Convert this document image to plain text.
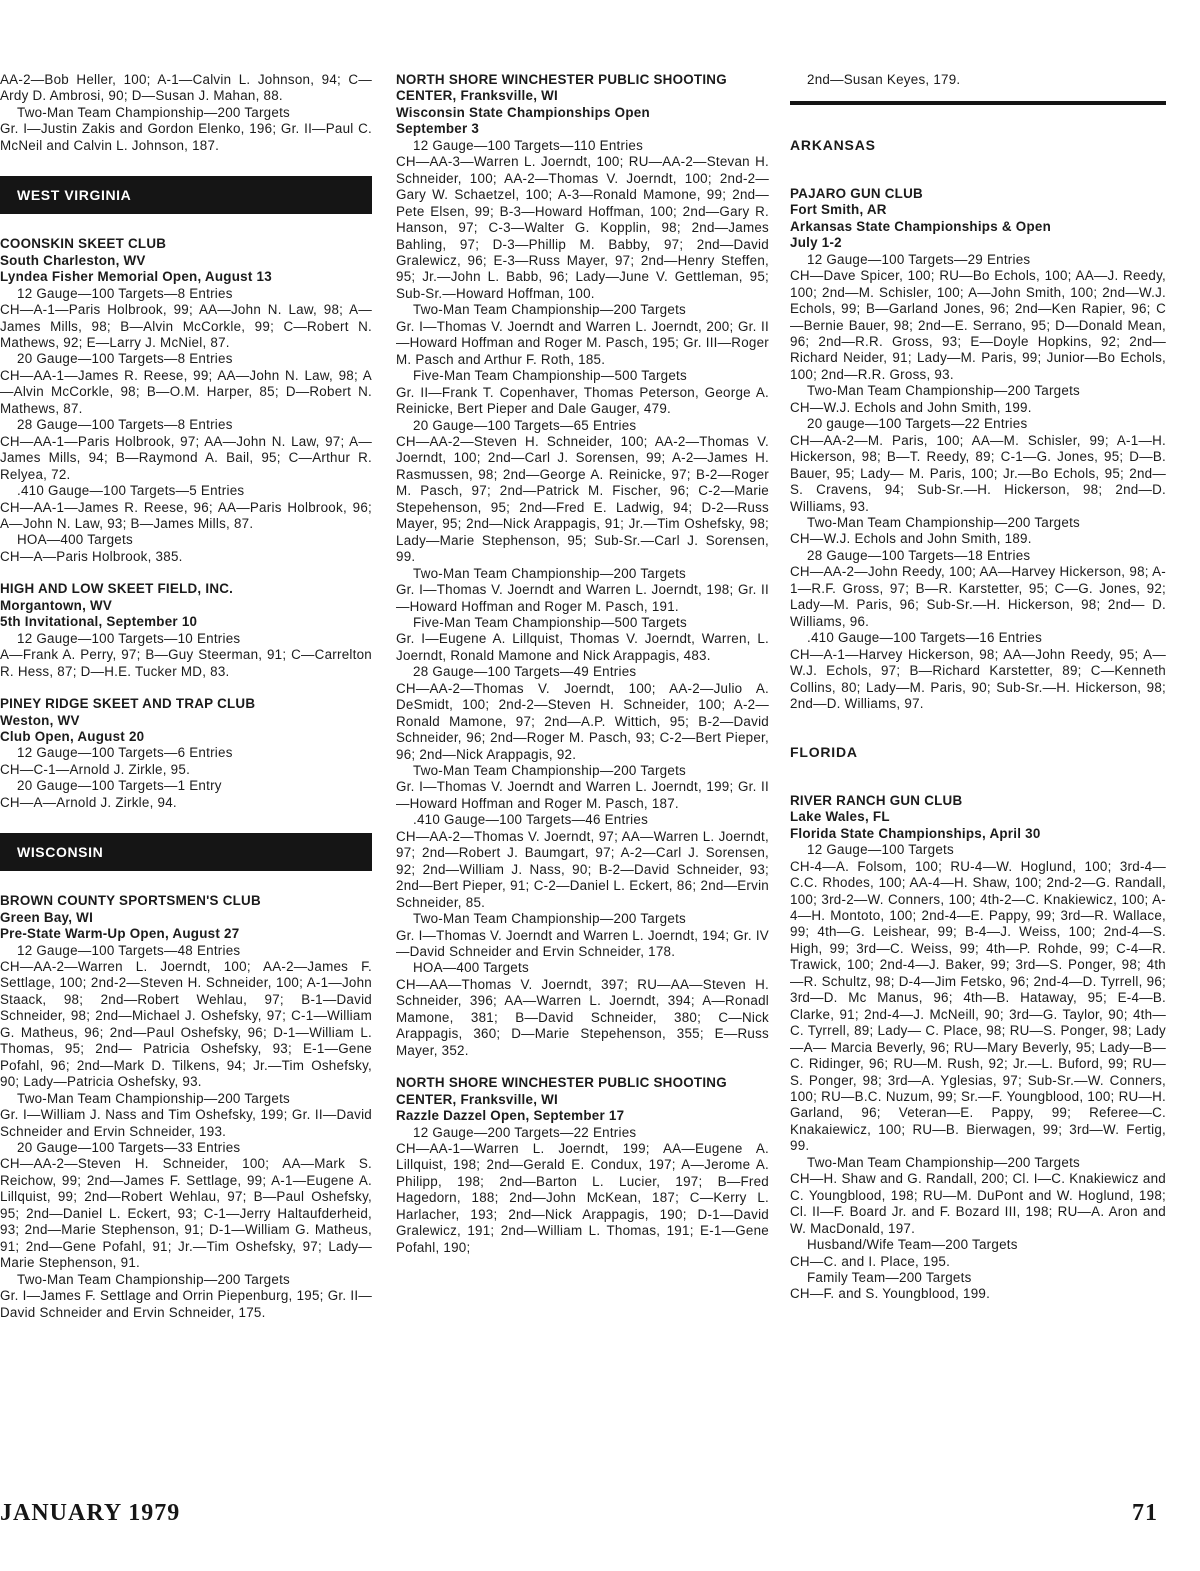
AA-2—Bob Heller, 100; A-1—Calvin L. Johnson, 94; C—Ardy D. Ambrosi, 90; D—Susan J. Mahan, 88.

Two-Man Team Championship—200 Targets

Gr. I—Justin Zakis and Gordon Elenko, 196; Gr. II—Paul C. McNeil and Calvin L. Johnson, 187.

WEST VIRGINIA

COONSKIN SKEET CLUB

South Charleston, WV

Lyndea Fisher Memorial Open, August 13

12 Gauge—100 Targets—8 Entries

CH—A-1—Paris Holbrook, 99; AA—John N. Law, 98; A—James Mills, 98; B—Alvin McCorkle, 99; C—Robert N. Mathews, 92; E—Larry J. McNiel, 87.

20 Gauge—100 Targets—8 Entries

CH—AA-1—James R. Reese, 99; AA—John N. Law, 98; A—Alvin McCorkle, 98; B—O.M. Harper, 85; D—Robert N. Mathews, 87.

28 Gauge—100 Targets—8 Entries

CH—AA-1—Paris Holbrook, 97; AA—John N. Law, 97; A—James Mills, 94; B—Raymond A. Bail, 95; C—Arthur R. Relyea, 72.

.410 Gauge—100 Targets—5 Entries

CH—AA-1—James R. Reese, 96; AA—Paris Holbrook, 96; A—John N. Law, 93; B—James Mills, 87.

HOA—400 Targets

CH—A—Paris Holbrook, 385.

HIGH AND LOW SKEET FIELD, INC.

Morgantown, WV

5th Invitational, September 10

12 Gauge—100 Targets—10 Entries

A—Frank A. Perry, 97; B—Guy Steerman, 91; C—Carrelton R. Hess, 87; D—H.E. Tucker MD, 83.

PINEY RIDGE SKEET AND TRAP CLUB

Weston, WV

Club Open, August 20

12 Gauge—100 Targets—6 Entries

CH—C-1—Arnold J. Zirkle, 95.

20 Gauge—100 Targets—1 Entry

CH—A—Arnold J. Zirkle, 94.

WISCONSIN

BROWN COUNTY SPORTSMEN'S CLUB

Green Bay, WI

Pre-State Warm-Up Open, August 27

12 Gauge—100 Targets—48 Entries

CH—AA-2—Warren L. Joerndt, 100; AA-2—James F. Settlage, 100; 2nd-2—Steven H. Schneider, 100; A-1—John Staack, 98; 2nd—Robert Wehlau, 97; B-1—David Schneider, 98; 2nd—Michael J. Oshefsky, 97; C-1—William G. Matheus, 96; 2nd—Paul Oshefsky, 96; D-1—William L. Thomas, 95; 2nd— Patricia Oshefsky, 93; E-1—Gene Pofahl, 96; 2nd—Mark D. Tilkens, 94; Jr.—Tim Oshefsky, 90; Lady—Patricia Oshefsky, 93.

Two-Man Team Championship—200 Targets

Gr. I—William J. Nass and Tim Oshefsky, 199; Gr. II—David Schneider and Ervin Schneider, 193.

20 Gauge—100 Targets—33 Entries

CH—AA-2—Steven H. Schneider, 100; AA—Mark S. Reichow, 99; 2nd—James F. Settlage, 99; A-1—Eugene A. Lillquist, 99; 2nd—Robert Wehlau, 97; B—Paul Oshefsky, 95; 2nd—Daniel L. Eckert, 93; C-1—Jerry Haltaufderheid, 93; 2nd—Marie Stephenson, 91; D-1—William G. Matheus, 91; 2nd—Gene Pofahl, 91; Jr.—Tim Oshefsky, 97; Lady—Marie Stephenson, 91.

Two-Man Team Championship—200 Targets

Gr. I—James F. Settlage and Orrin Piepenburg, 195; Gr. II—David Schneider and Ervin Schneider, 175.

NORTH SHORE WINCHESTER PUBLIC SHOOTING CENTER, Franksville, WI

Wisconsin State Championships Open

September 3

12 Gauge—100 Targets—110 Entries

CH—AA-3—Warren L. Joerndt, 100; RU—AA-2—Stevan H. Schneider, 100; AA-2—Thomas V. Joerndt, 100; 2nd-2—Gary W. Schaetzel, 100; A-3—Ronald Mamone, 99; 2nd—Pete Elsen, 99; B-3—Howard Hoffman, 100; 2nd—Gary R. Hanson, 97; C-3—Walter G. Kopplin, 98; 2nd—James Bahling, 97; D-3—Phillip M. Babby, 97; 2nd—David Gralewicz, 96; E-3—Russ Mayer, 97; 2nd—Henry Steffen, 95; Jr.—John L. Babb, 96; Lady—June V. Gettleman, 95; Sub-Sr.—Howard Hoffman, 100.

Two-Man Team Championship—200 Targets

Gr. I—Thomas V. Joerndt and Warren L. Joerndt, 200; Gr. II—Howard Hoffman and Roger M. Pasch, 195; Gr. III—Roger M. Pasch and Arthur F. Roth, 185.

Five-Man Team Championship—500 Targets

Gr. II—Frank T. Copenhaver, Thomas Peterson, George A. Reinicke, Bert Pieper and Dale Gauger, 479.

20 Gauge—100 Targets—65 Entries

CH—AA-2—Steven H. Schneider, 100; AA-2—Thomas V. Joerndt, 100; 2nd—Carl J. Sorensen, 99; A-2—James H. Rasmussen, 98; 2nd—George A. Reinicke, 97; B-2—Roger M. Pasch, 97; 2nd—Patrick M. Fischer, 96; C-2—Marie Stepehenson, 95; 2nd—Fred E. Ladwig, 94; D-2—Russ Mayer, 95; 2nd—Nick Arappagis, 91; Jr.—Tim Oshefsky, 98; Lady—Marie Stephenson, 95; Sub-Sr.—Carl J. Sorensen, 99.

Two-Man Team Championship—200 Targets

Gr. I—Thomas V. Joerndt and Warren L. Joerndt, 198; Gr. II—Howard Hoffman and Roger M. Pasch, 191.

Five-Man Team Championship—500 Targets

Gr. I—Eugene A. Lillquist, Thomas V. Joerndt, Warren, L. Joerndt, Ronald Mamone and Nick Arappagis, 483.

28 Gauge—100 Targets—49 Entries

CH—AA-2—Thomas V. Joerndt, 100; AA-2—Julio A. DeSmidt, 100; 2nd-2—Steven H. Schneider, 100; A-2—Ronald Mamone, 97; 2nd—A.P. Wittich, 95; B-2—David Schneider, 96; 2nd—Roger M. Pasch, 93; C-2—Bert Pieper, 96; 2nd—Nick Arappagis, 92.

Two-Man Team Championship—200 Targets

Gr. I—Thomas V. Joerndt and Warren L. Joerndt, 199; Gr. II—Howard Hoffman and Roger M. Pasch, 187.

.410 Gauge—100 Targets—46 Entries

CH—AA-2—Thomas V. Joerndt, 97; AA—Warren L. Joerndt, 97; 2nd—Robert J. Baumgart, 97; A-2—Carl J. Sorensen, 92; 2nd—William J. Nass, 90; B-2—David Schneider, 93; 2nd—Bert Pieper, 91; C-2—Daniel L. Eckert, 86; 2nd—Ervin Schneider, 85.

Two-Man Team Championship—200 Targets

Gr. I—Thomas V. Joerndt and Warren L. Joerndt, 194; Gr. IV—David Schneider and Ervin Schneider, 178.

HOA—400 Targets

CH—AA—Thomas V. Joerndt, 397; RU—AA—Steven H. Schneider, 396; AA—Warren L. Joerndt, 394; A—Ronadl Mamone, 381; B—David Schneider, 380; C—Nick Arappagis, 360; D—Marie Stepehenson, 355; E—Russ Mayer, 352.

NORTH SHORE WINCHESTER PUBLIC SHOOTING CENTER, Franksville, WI

Razzle Dazzel Open, September 17

12 Gauge—200 Targets—22 Entries

CH—AA-1—Warren L. Joerndt, 199; AA—Eugene A. Lillquist, 198; 2nd—Gerald E. Condux, 197; A—Jerome A. Philipp, 198; 2nd—Barton L. Lucier, 197; B—Fred Hagedorn, 188; 2nd—John McKean, 187; C—Kerry L. Harlacher, 193; 2nd—Nick Arappagis, 190; D-1—David Gralewicz, 191; 2nd—William L. Thomas, 191; E-1—Gene Pofahl, 190;

2nd—Susan Keyes, 179.

ARKANSAS

PAJARO GUN CLUB

Fort Smith, AR

Arkansas State Championships & Open

July 1-2

12 Gauge—100 Targets—29 Entries

CH—Dave Spicer, 100; RU—Bo Echols, 100; AA—J. Reedy, 100; 2nd—M. Schisler, 100; A—John Smith, 100; 2nd—W.J. Echols, 99; B—Garland Jones, 96; 2nd—Ken Rapier, 96; C—Bernie Bauer, 98; 2nd—E. Serrano, 95; D—Donald Mean, 96; 2nd—R.R. Gross, 93; E—Doyle Hopkins, 92; 2nd—Richard Neider, 91; Lady—M. Paris, 99; Junior—Bo Echols, 100; 2nd—R.R. Gross, 93.

Two-Man Team Championship—200 Targets

CH—W.J. Echols and John Smith, 199.

20 gauge—100 Targets—22 Entries

CH—AA-2—M. Paris, 100; AA—M. Schisler, 99; A-1—H. Hickerson, 98; B—T. Reedy, 89; C-1—G. Jones, 95; D—B. Bauer, 95; Lady— M. Paris, 100; Jr.—Bo Echols, 95; 2nd—S. Cravens, 94; Sub-Sr.—H. Hickerson, 98; 2nd—D. Williams, 93.

Two-Man Team Championship—200 Targets

CH—W.J. Echols and John Smith, 189.

28 Gauge—100 Targets—18 Entries

CH—AA-2—John Reedy, 100; AA—Harvey Hickerson, 98; A-1—R.F. Gross, 97; B—R. Karstetter, 95; C—G. Jones, 92; Lady—M. Paris, 96; Sub-Sr.—H. Hickerson, 98; 2nd— D. Williams, 96.

.410 Gauge—100 Targets—16 Entries

CH—A-1—Harvey Hickerson, 98; AA—John Reedy, 95; A—W.J. Echols, 97; B—Richard Karstetter, 89; C—Kenneth Collins, 80; Lady—M. Paris, 90; Sub-Sr.—H. Hickerson, 98; 2nd—D. Williams, 97.

FLORIDA

RIVER RANCH GUN CLUB

Lake Wales, FL

Florida State Championships, April 30

12 Gauge—100 Targets

CH-4—A. Folsom, 100; RU-4—W. Hoglund, 100; 3rd-4—C.C. Rhodes, 100; AA-4—H. Shaw, 100; 2nd-2—G. Randall, 100; 3rd-2—W. Conners, 100; 4th-2—C. Knakiewicz, 100; A-4—H. Montoto, 100; 2nd-4—E. Pappy, 99; 3rd—R. Wallace, 99; 4th—G. Leishear, 99; B-4—J. Weiss, 100; 2nd-4—S. High, 99; 3rd—C. Weiss, 99; 4th—P. Rohde, 99; C-4—R. Trawick, 100; 2nd-4—J. Baker, 99; 3rd—S. Ponger, 98; 4th—R. Schultz, 98; D-4—Jim Fetsko, 96; 2nd-4—D. Tyrrell, 96; 3rd—D. Mc Manus, 96; 4th—B. Hataway, 95; E-4—B. Clarke, 91; 2nd-4—J. McNeill, 90; 3rd—G. Taylor, 90; 4th—C. Tyrrell, 89; Lady— C. Place, 98; RU—S. Ponger, 98; Lady—A— Marcia Beverly, 96; RU—Mary Beverly, 95; Lady—B—C. Ridinger, 96; RU—M. Rush, 92; Jr.—L. Buford, 99; RU—S. Ponger, 98; 3rd—A. Yglesias, 97; Sub-Sr.—W. Conners, 100; RU—B.C. Nuzum, 99; Sr.—F. Youngblood, 100; RU—H. Garland, 96; Veteran—E. Pappy, 99; Referee—C. Knakaiewicz, 100; RU—B. Bierwagen, 99; 3rd—W. Fertig, 99.

Two-Man Team Championship—200 Targets

CH—H. Shaw and G. Randall, 200; Cl. I—C. Knakiewicz and C. Youngblood, 198; RU—M. DuPont and W. Hoglund, 198; Cl. II—F. Board Jr. and F. Bozard III, 198; RU—A. Aron and W. MacDonald, 197.

Husband/Wife Team—200 Targets

CH—C. and I. Place, 195.

Family Team—200 Targets

CH—F. and S. Youngblood, 199.

JANUARY 1979	71
